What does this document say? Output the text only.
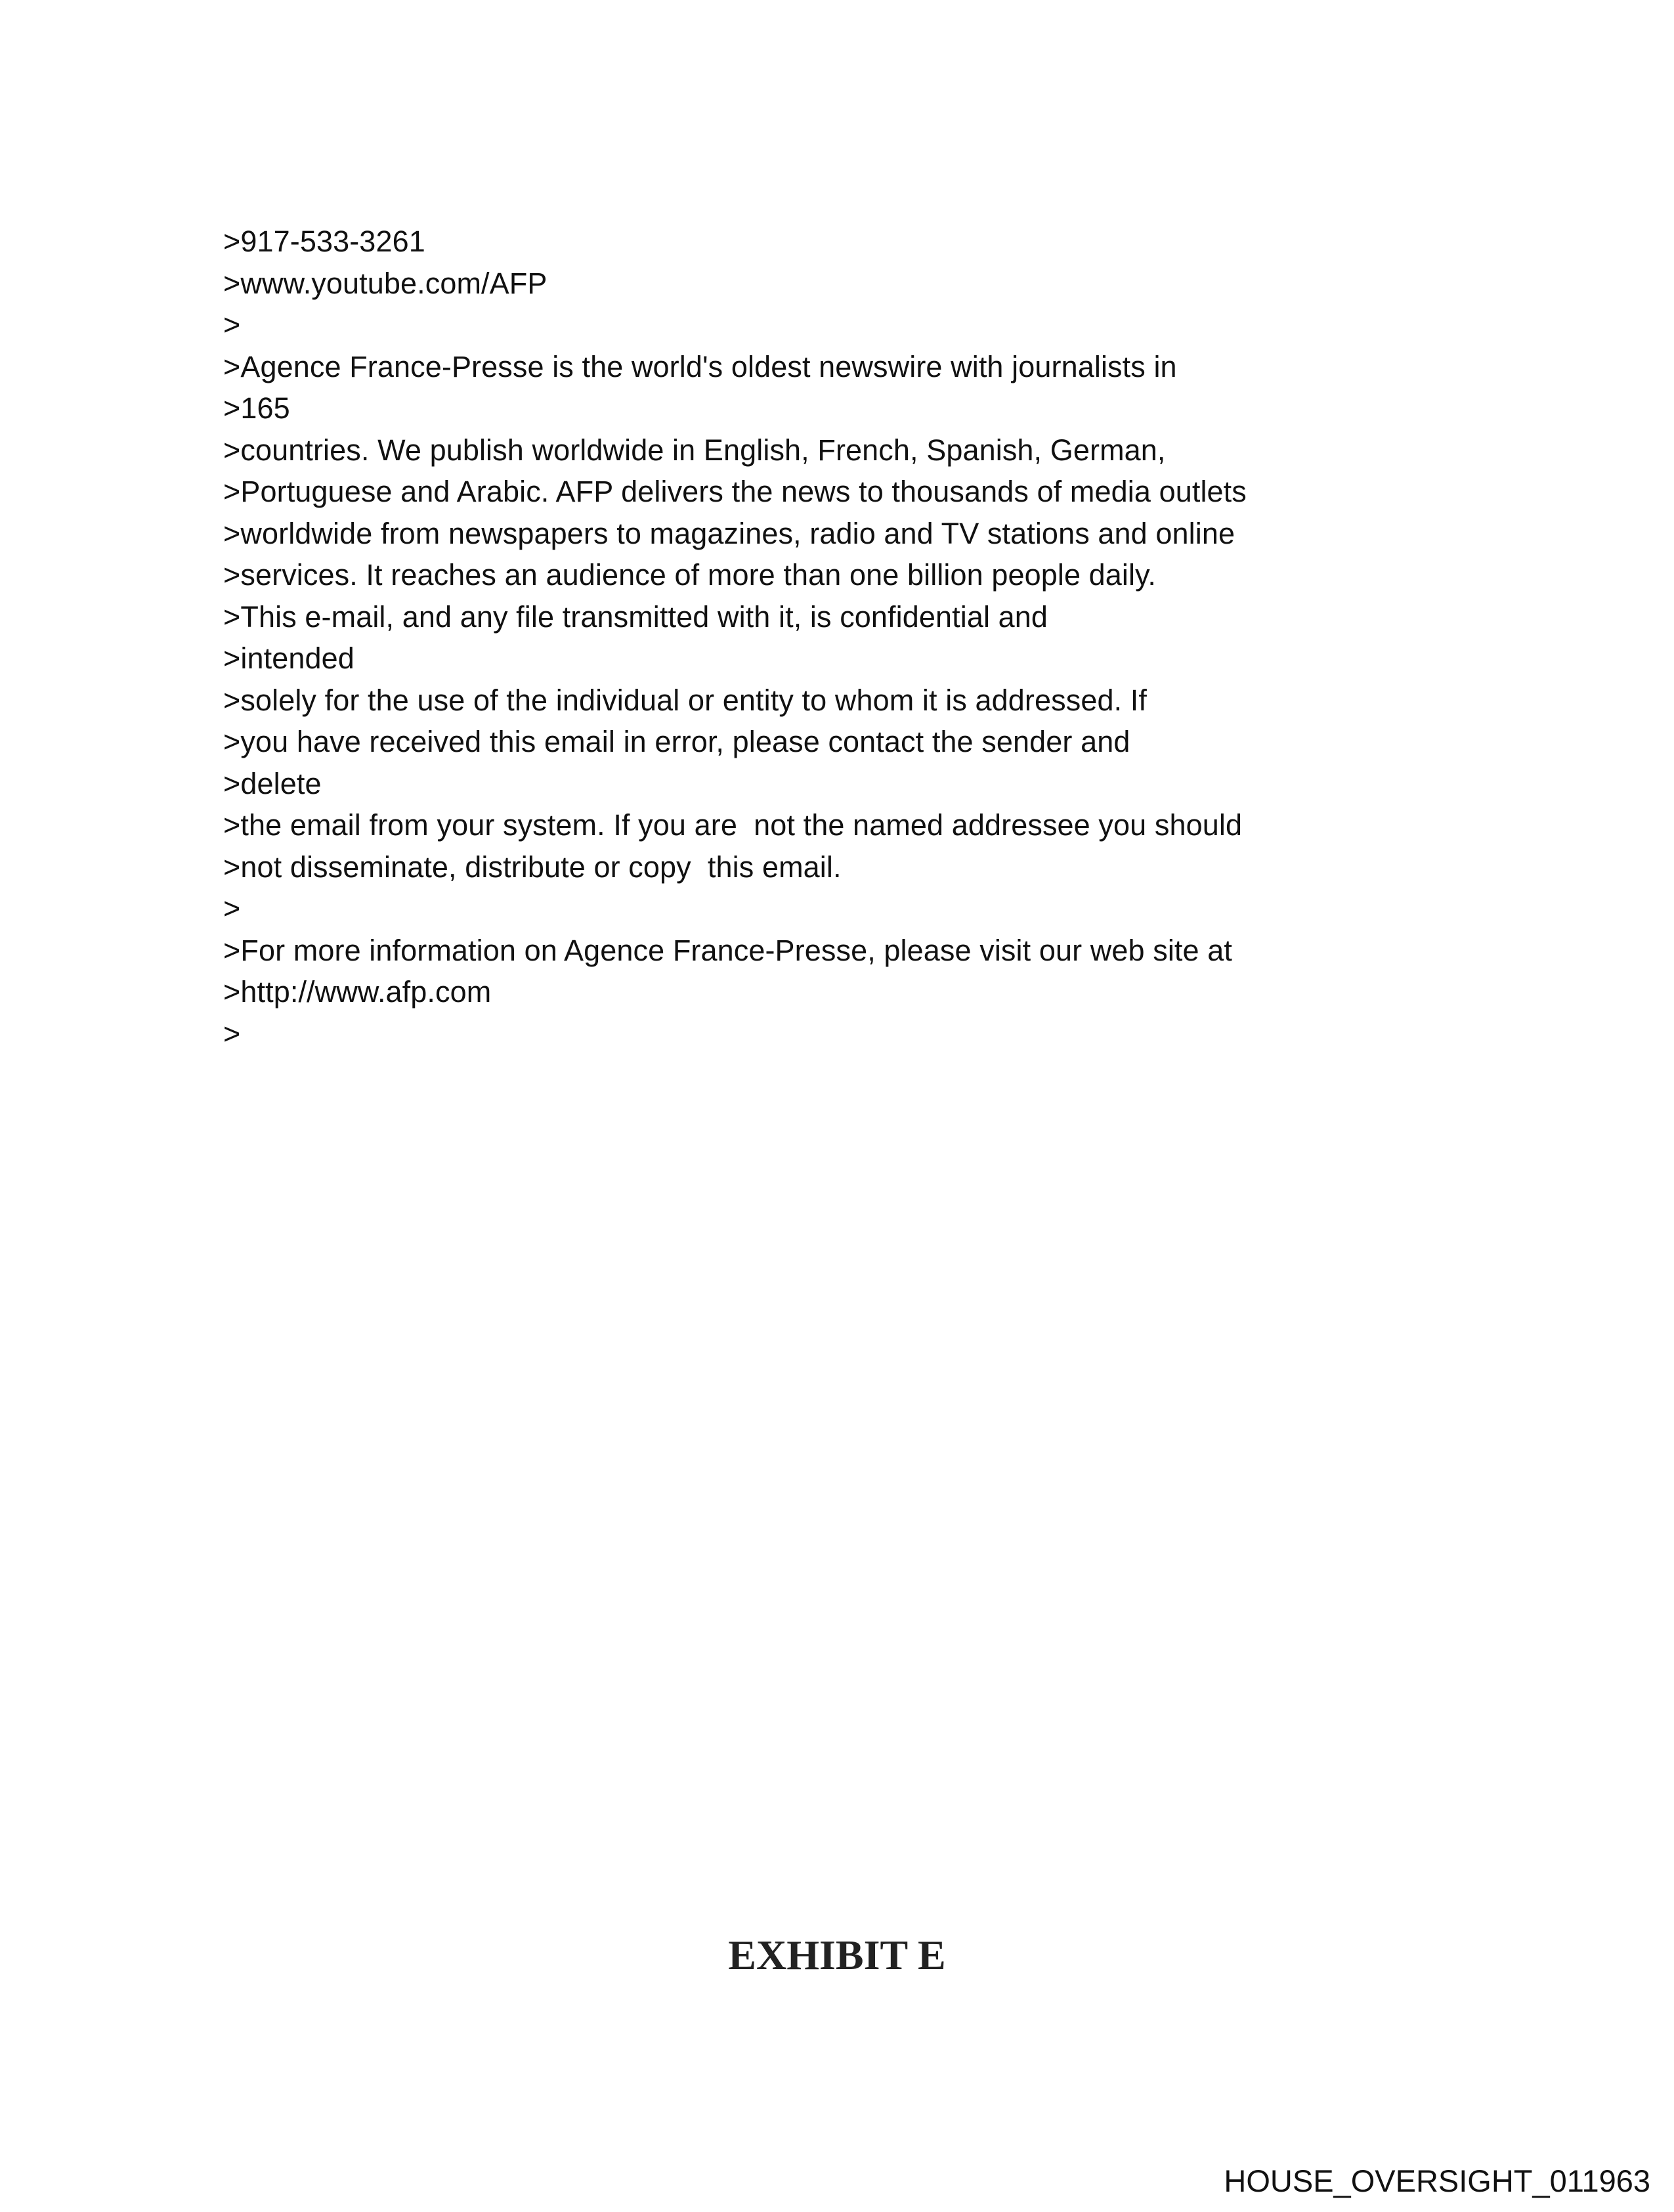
>917-533-3261
>www.youtube.com/AFP
>
>Agence France-Presse is the world's oldest newswire with journalists in
>165
>countries. We publish worldwide in English, French, Spanish, German,
>Portuguese and Arabic. AFP delivers the news to thousands of media outlets
>worldwide from newspapers to magazines, radio and TV stations and online
>services. It reaches an audience of more than one billion people daily.
>This e-mail, and any file transmitted with it, is confidential and
>intended
>solely for the use of the individual or entity to whom it is addressed. If
>you have received this email in error, please contact the sender and
>delete
>the email from your system. If you are  not the named addressee you should
>not disseminate, distribute or copy  this email.
>
>For more information on Agence France-Presse, please visit our web site at
>http://www.afp.com
>
EXHIBIT E
HOUSE_OVERSIGHT_011963
